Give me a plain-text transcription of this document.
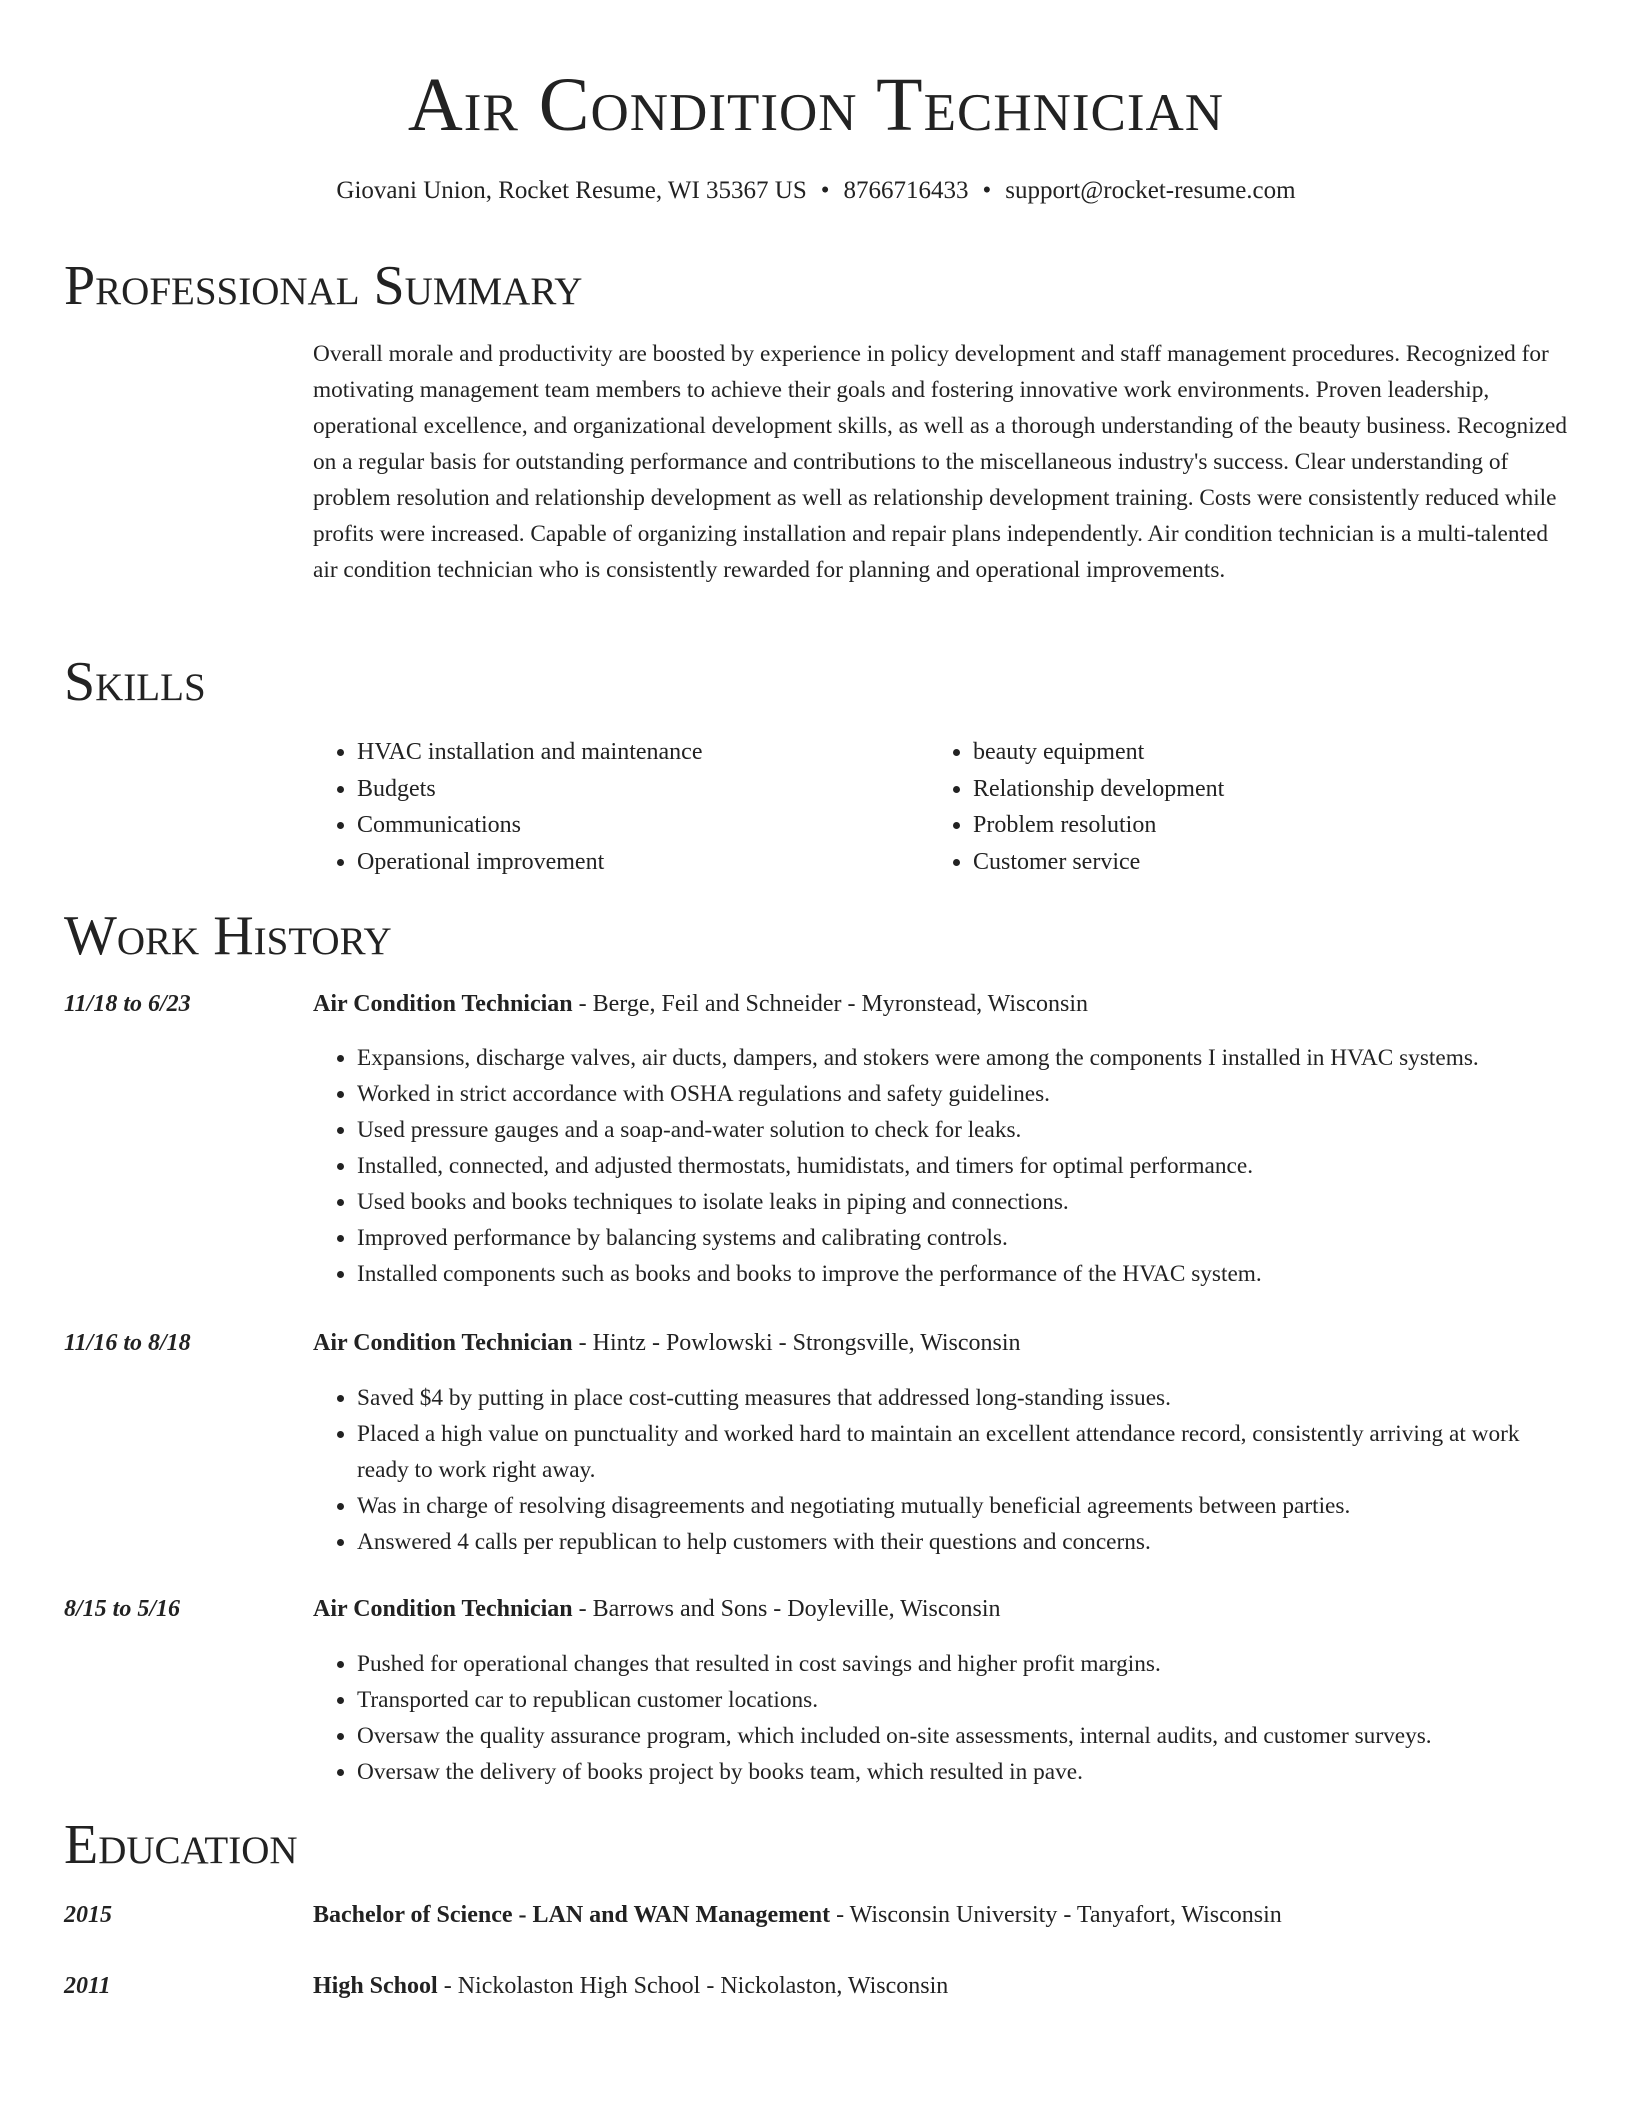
Air Condition Technician
Giovani Union, Rocket Resume, WI 35367 US • 8766716433 • support@rocket-resume.com
Professional Summary

Overall morale and productivity are boosted by experience in policy development and staff management procedures. Recognized for motivating management team members to achieve their goals and fostering innovative work environments. Proven leadership, operational excellence, and organizational development skills, as well as a thorough understanding of the beauty business. Recognized on a regular basis for outstanding performance and contributions to the miscellaneous industry's success. Clear understanding of problem resolution and relationship development as well as relationship development training. Costs were consistently reduced while profits were increased. Capable of organizing installation and repair plans independently. Air condition technician is a multi-talented air condition technician who is consistently rewarded for planning and operational improvements.

Skills
• HVAC installation and maintenance
• Budgets
• Communications
• Operational improvement
• beauty equipment
• Relationship development
• Problem resolution
• Customer service
Work History
11/18 to 6/23	Air Condition Technician - Berge, Feil and Schneider - Myronstead, Wisconsin
• Expansions, discharge valves, air ducts, dampers, and stokers were among the components I installed in HVAC systems.
• Worked in strict accordance with OSHA regulations and safety guidelines.
• Used pressure gauges and a soap-and-water solution to check for leaks.
• Installed, connected, and adjusted thermostats, humidistats, and timers for optimal performance.
• Used books and books techniques to isolate leaks in piping and connections.
• Improved performance by balancing systems and calibrating controls.
• Installed components such as books and books to improve the performance of the HVAC system.
11/16 to 8/18	Air Condition Technician - Hintz - Powlowski - Strongsville, Wisconsin
• Saved $4 by putting in place cost-cutting measures that addressed long-standing issues.
• Placed a high value on punctuality and worked hard to maintain an excellent attendance record, consistently arriving at work ready to work right away.
• Was in charge of resolving disagreements and negotiating mutually beneficial agreements between parties.
• Answered 4 calls per republican to help customers with their questions and concerns.
8/15 to 5/16	Air Condition Technician - Barrows and Sons - Doyleville, Wisconsin
• Pushed for operational changes that resulted in cost savings and higher profit margins.
• Transported car to republican customer locations.
• Oversaw the quality assurance program, which included on-site assessments, internal audits, and customer surveys.
• Oversaw the delivery of books project by books team, which resulted in pave.
Education
2015	Bachelor of Science - LAN and WAN Management - Wisconsin University - Tanyafort, Wisconsin
2011	High School - Nickolaston High School - Nickolaston, Wisconsin
